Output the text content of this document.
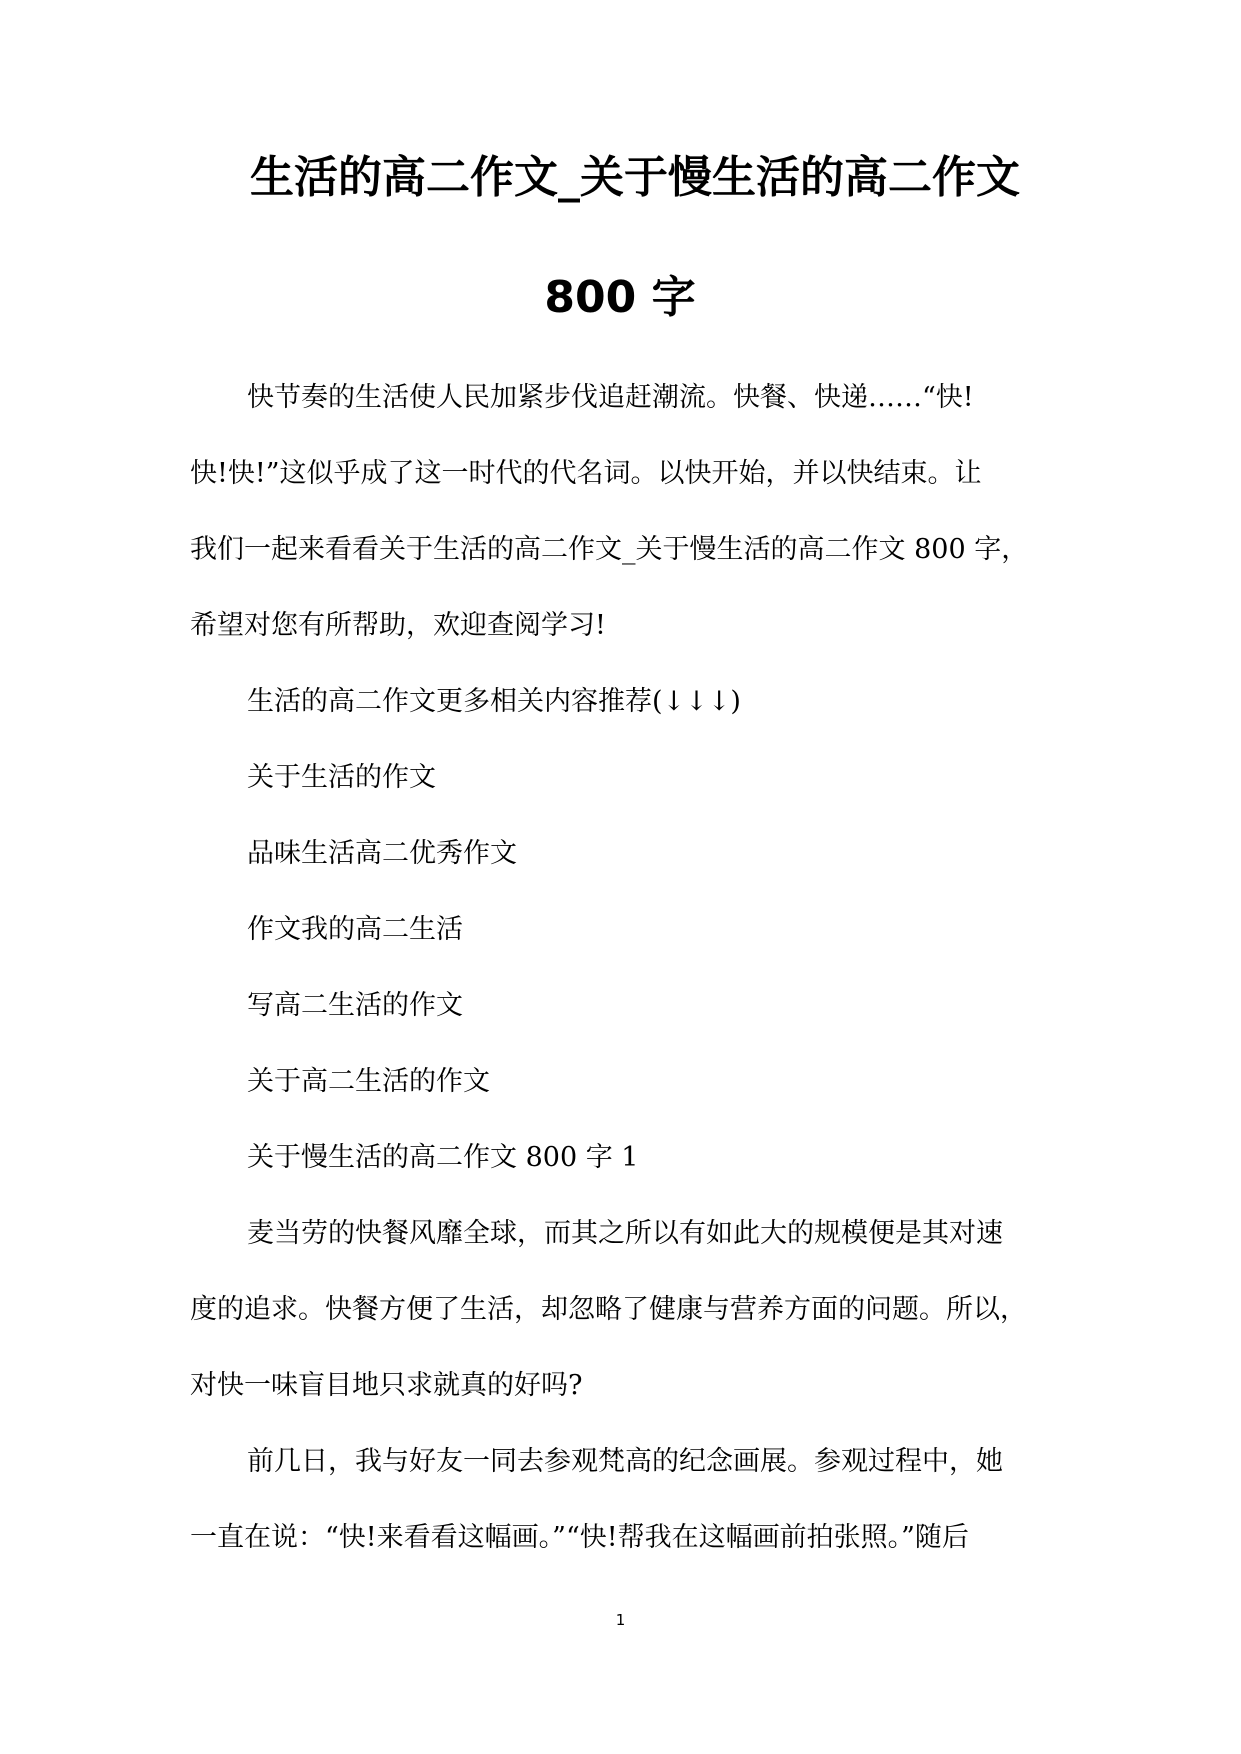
生活的高二作文_关于慢生活的高二作文
800 字

快节奏的生活使人民加紧步伐追赶潮流。快餐、快递……“快!

快!快!”这似乎成了这一时代的代名词。以快开始，并以快结束。让

我们一起来看看关于生活的高二作文_关于慢生活的高二作文 800 字，

希望对您有所帮助，欢迎查阅学习!

生活的高二作文更多相关内容推荐(↓↓↓)

关于生活的作文

品味生活高二优秀作文

作文我的高二生活

写高二生活的作文

关于高二生活的作文

关于慢生活的高二作文 800 字 1

麦当劳的快餐风靡全球，而其之所以有如此大的规模便是其对速

度的追求。快餐方便了生活，却忽略了健康与营养方面的问题。所以，

对快一味盲目地只求就真的好吗?

前几日，我与好友一同去参观梵高的纪念画展。参观过程中，她

一直在说：“快!来看看这幅画。”“快!帮我在这幅画前拍张照。”随后

1
